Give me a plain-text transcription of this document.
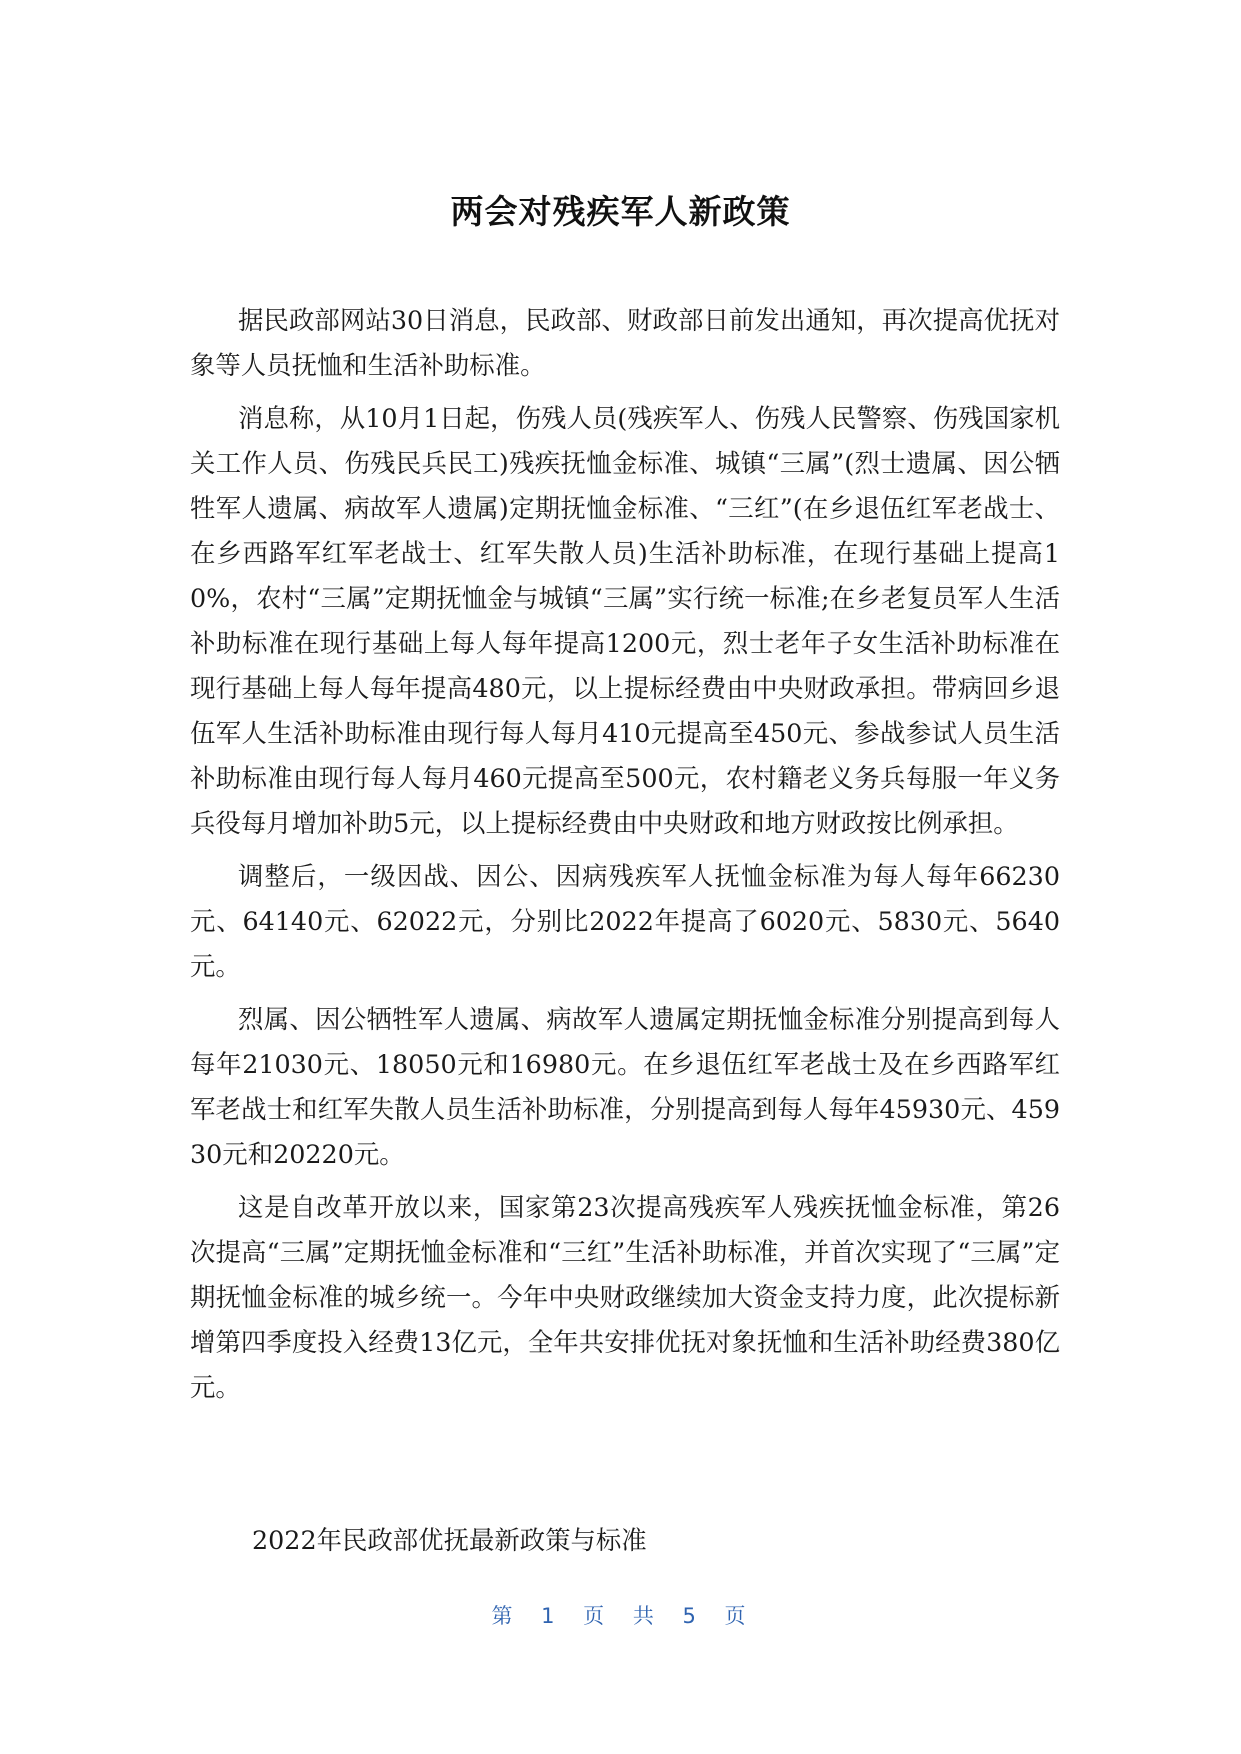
两会对残疾军人新政策

据民政部网站30日消息，民政部、财政部日前发出通知，再次提高优抚对象等人员抚恤和生活补助标准。

消息称，从10月1日起，伤残人员(残疾军人、伤残人民警察、伤残国家机关工作人员、伤残民兵民工)残疾抚恤金标准、城镇“三属”(烈士遗属、因公牺牲军人遗属、病故军人遗属)定期抚恤金标准、“三红”(在乡退伍红军老战士、在乡西路军红军老战士、红军失散人员)生活补助标准，在现行基础上提高10%，农村“三属”定期抚恤金与城镇“三属”实行统一标准;在乡老复员军人生活补助标准在现行基础上每人每年提高1200元，烈士老年子女生活补助标准在现行基础上每人每年提高480元，以上提标经费由中央财政承担。带病回乡退伍军人生活补助标准由现行每人每月410元提高至450元、参战参试人员生活补助标准由现行每人每月460元提高至500元，农村籍老义务兵每服一年义务兵役每月增加补助5元，以上提标经费由中央财政和地方财政按比例承担。

调整后，一级因战、因公、因病残疾军人抚恤金标准为每人每年66230元、64140元、62022元，分别比2022年提高了6020元、5830元、5640元。

烈属、因公牺牲军人遗属、病故军人遗属定期抚恤金标准分别提高到每人每年21030元、18050元和16980元。在乡退伍红军老战士及在乡西路军红军老战士和红军失散人员生活补助标准，分别提高到每人每年45930元、45930元和20220元。

这是自改革开放以来，国家第23次提高残疾军人残疾抚恤金标准，第26次提高“三属”定期抚恤金标准和“三红”生活补助标准，并首次实现了“三属”定期抚恤金标准的城乡统一。今年中央财政继续加大资金支持力度，此次提标新增第四季度投入经费13亿元，全年共安排优抚对象抚恤和生活补助经费380亿元。

2022年民政部优抚最新政策与标准
第 1 页 共 5 页
